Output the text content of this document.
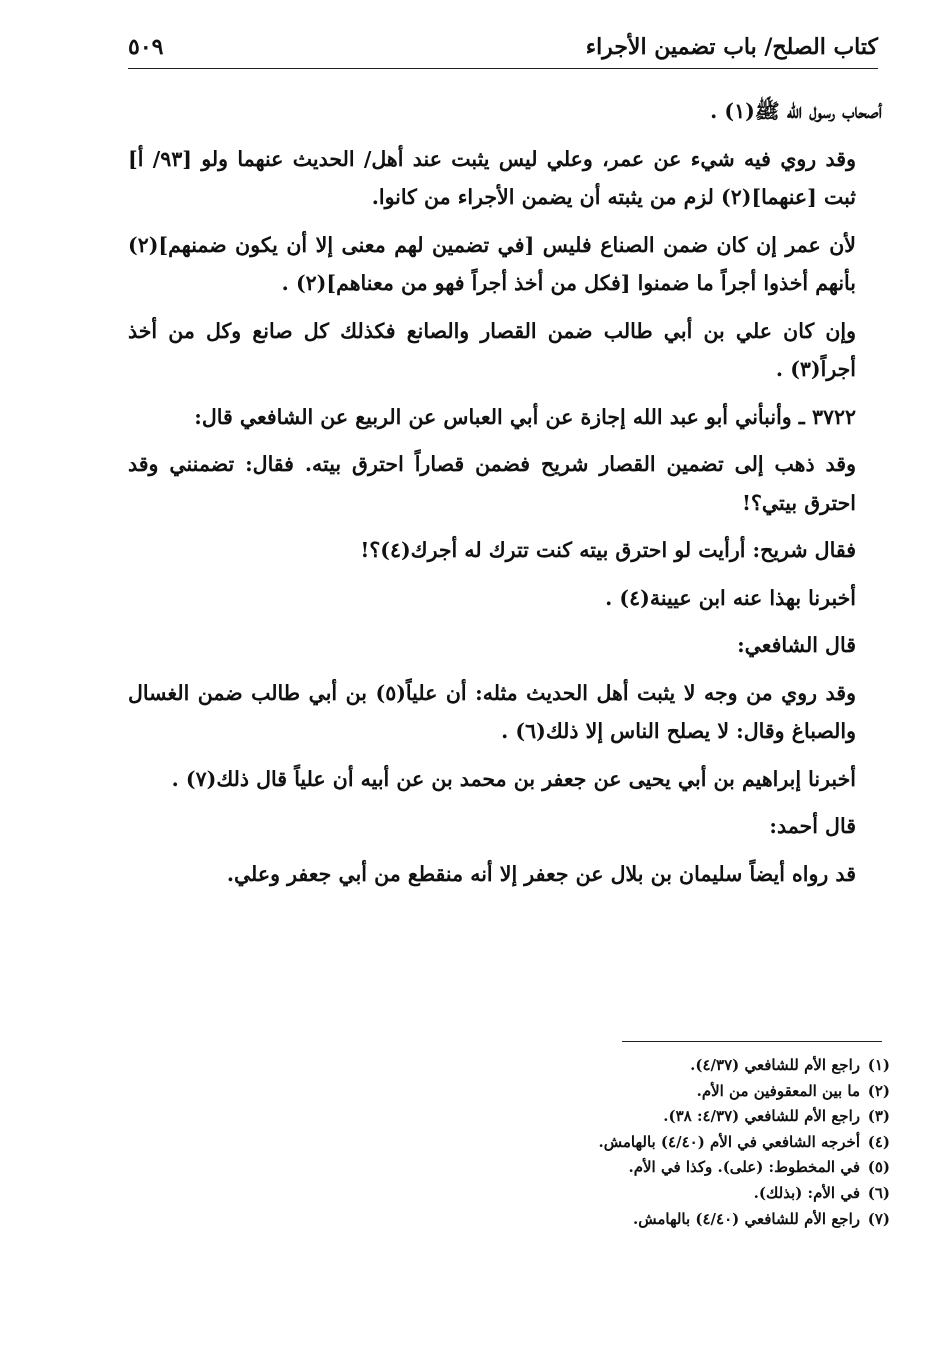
كتاب الصلح/ باب تضمين الأجراء
٥٠٩

أصحاب رسول الله ﷺ(١) .

وقد روي فيه شيء عن عمر، وعلي ليس يثبت عند أهل/ الحديث عنهما ولو [٩٣/ أ] ثبت [عنهما](٢) لزم من يثبته أن يضمن الأجراء من كانوا.

لأن عمر إن كان ضمن الصناع فليس [في تضمين لهم معنى إلا أن يكون ضمنهم](٢) بأنهم أخذوا أجراً ما ضمنوا [فكل من أخذ أجراً فهو من معناهم](٢) .

وإن كان علي بن أبي طالب ضمن القصار والصانع فكذلك كل صانع وكل من أخذ أجراً(٣) .

٣٧٢٢ ـ وأنبأني أبو عبد الله إجازة عن أبي العباس عن الربيع عن الشافعي قال:

وقد ذهب إلى تضمين القصار شريح فضمن قصاراً احترق بيته. فقال: تضمنني وقد احترق بيتي؟!

فقال شريح: أرأيت لو احترق بيته كنت تترك له أجرك(٤)؟!

أخبرنا بهذا عنه ابن عيينة(٤) .

قال الشافعي:

وقد روي من وجه لا يثبت أهل الحديث مثله: أن علياً(٥) بن أبي طالب ضمن الغسال والصباغ وقال: لا يصلح الناس إلا ذلك(٦) .

أخبرنا إبراهيم بن أبي يحيى عن جعفر بن محمد بن عن أبيه أن علياً قال ذلك(٧) .

قال أحمد:

قد رواه أيضاً سليمان بن بلال عن جعفر إلا أنه منقطع من أبي جعفر وعلي.

(١)راجع الأم للشافعي (٤/٣٧).
(٢)ما بين المعقوفين من الأم.
(٣)راجع الأم للشافعي (٤/٣٧: ٣٨).
(٤)أخرجه الشافعي في الأم (٤/٤٠) بالهامش.
(٥)في المخطوط: (على). وكذا في الأم.
(٦)في الأم: (بذلك).
(٧)راجع الأم للشافعي (٤/٤٠) بالهامش.
